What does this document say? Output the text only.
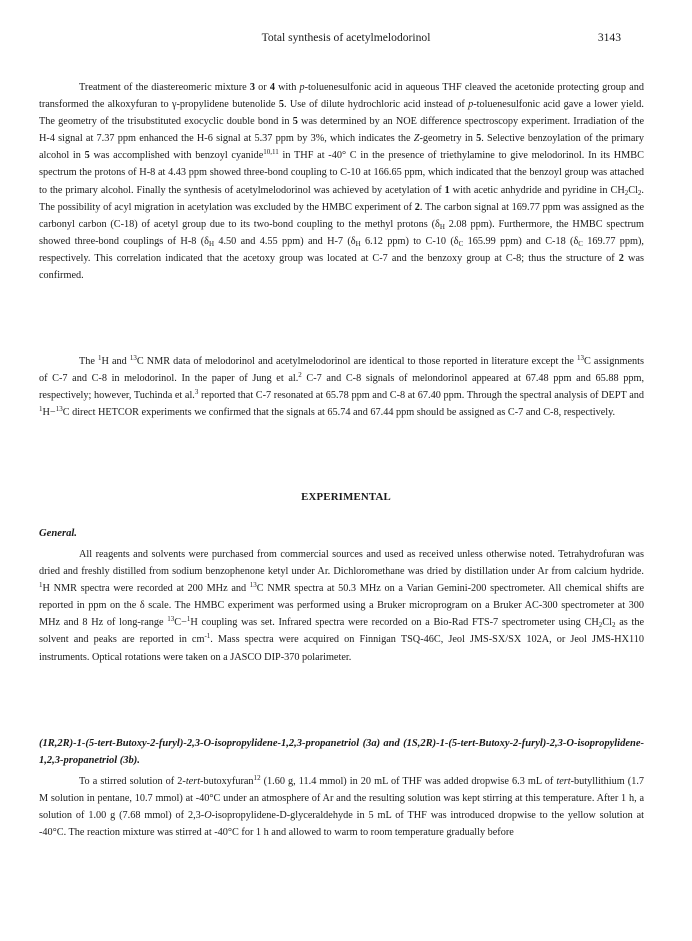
Total synthesis of acetylmelodorinol	3143

Treatment of the diastereomeric mixture 3 or 4 with p-toluenesulfonic acid in aqueous THF cleaved the acetonide protecting group and transformed the alkoxyfuran to γ-propylidene butenolide 5. Use of dilute hydrochloric acid instead of p-toluenesulfonic acid gave a lower yield. The geometry of the trisubstituted exocyclic double bond in 5 was determined by an NOE difference spectroscopy experiment. Irradiation of the H-4 signal at 7.37 ppm enhanced the H-6 signal at 5.37 ppm by 3%, which indicates the Z-geometry in 5. Selective benzoylation of the primary alcohol in 5 was accomplished with benzoyl cyanide$^{10,11}$ in THF at -40° C in the presence of triethylamine to give melodorinol. In its HMBC spectrum the protons of H-8 at 4.43 ppm showed three-bond coupling to C-10 at 166.65 ppm, which indicated that the benzoyl group was attached to the primary alcohol. Finally the synthesis of acetylmelodorinol was achieved by acetylation of 1 with acetic anhydride and pyridine in $CH_2Cl_2$. The possibility of acyl migration in acetylation was excluded by the HMBC experiment of 2. The carbon signal at 169.77 ppm was assigned as the carbonyl carbon (C-18) of acetyl group due to its two-bond coupling to the methyl protons ($\delta_H$ 2.08 ppm). Furthermore, the HMBC spectrum showed three-bond couplings of H-8 ($\delta_H$ 4.50 and 4.55 ppm) and H-7 ($\delta_H$ 6.12 ppm) to C-10 ($\delta_C$ 165.99 ppm) and C-18 ($\delta_C$ 169.77 ppm), respectively. This correlation indicated that the acetoxy group was located at C-7 and the benzoxy group at C-8; thus the structure of 2 was confirmed.

The $^1$H and $^{13}$C NMR data of melodorinol and acetylmelodorinol are identical to those reported in literature except the $^{13}$C assignments of C-7 and C-8 in melodorinol. In the paper of Jung et al.$^2$ C-7 and C-8 signals of melondorinol appeared at 67.48 ppm and 65.88 ppm, respectively; however, Tuchinda et al.$^3$ reported that C-7 resonated at 65.78 ppm and C-8 at 67.40 ppm. Through the spectral analysis of DEPT and $^1$H−$^{13}$C direct HETCOR experiments we confirmed that the signals at 65.74 and 67.44 ppm should be assigned as C-7 and C-8, respectively.

EXPERIMENTAL
General.

All reagents and solvents were purchased from commercial sources and used as received unless otherwise noted. Tetrahydrofuran was dried and freshly distilled from sodium benzophenone ketyl under Ar. Dichloromethane was dried by distillation under Ar from calcium hydride. $^1$H NMR spectra were recorded at 200 MHz and $^{13}$C NMR spectra at 50.3 MHz on a Varian Gemini-200 spectrometer. All chemical shifts are reported in ppm on the δ scale. The HMBC experiment was performed using a Bruker microprogram on a Bruker AC-300 spectrometer at 300 MHz and 8 Hz of long-range $^{13}$C−$^1$H coupling was set. Infrared spectra were recorded on a Bio-Rad FTS-7 spectrometer using $CH_2Cl_2$ as the solvent and peaks are reported in $cm^{-1}$. Mass spectra were acquired on Finnigan TSQ-46C, Jeol JMS-SX/SX 102A, or Jeol JMS-HX110 instruments. Optical rotations were taken on a JASCO DIP-370 polarimeter.

(1R,2R)-1-(5-tert-Butoxy-2-furyl)-2,3-O-isopropylidene-1,2,3-propanetriol (3a) and (1S,2R)-1-(5-tert-Butoxy-2-furyl)-2,3-O-isopropylidene-1,2,3-propanetriol (3b).

To a stirred solution of 2-tert-butoxyfuran$^{12}$ (1.60 g, 11.4 mmol) in 20 mL of THF was added dropwise 6.3 mL of tert-butyllithium (1.7 M solution in pentane, 10.7 mmol) at -40°C under an atmosphere of Ar and the resulting solution was kept stirring at this temperature. After 1 h, a solution of 1.00 g (7.68 mmol) of 2,3-O-isopropylidene-D-glyceraldehyde in 5 mL of THF was introduced dropwise to the yellow solution at -40°C. The reaction mixture was stirred at -40°C for 1 h and allowed to warm to room temperature gradually before
